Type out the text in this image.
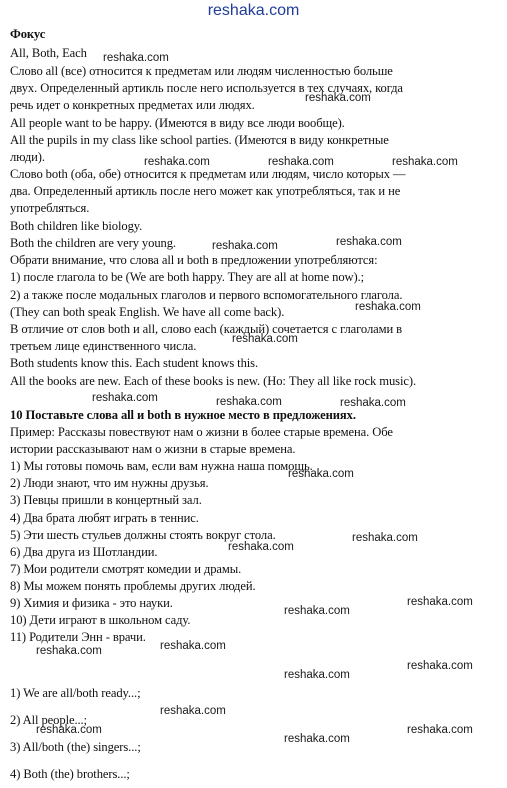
reshaka.com
Фокус
All, Both, Each
Слово all (все) относится к предметам или людям численностью больше
двух. Определенный артикль после него используется в тех случаях, когда
речь идет о конкретных предметах или людях.
All people want to be happy. (Имеются в виду все люди вообще).
All the pupils in my class like school parties. (Имеются в виду конкретные
люди).
Слово both (оба, обе) относится к предметам или людям, число которых —
два. Определенный артикль после него может как употребляться, так и не
употребляться.
Both children like biology.
Both the children are very young.
Обрати внимание, что слова all и both в предложении употребляются:
1) после глагола to be (We are both happy. They are all at home now).;
2) а также после модальных глаголов и первого вспомогательного глагола.
(They can both speak English. We have all come back).
В отличие от слов both и all, слово each (каждый) сочетается с глаголами в
третьем лице единственного числа.
Both students know this. Each student knows this.
All the books are new. Each of these books is new. (Но: They all like rock music).
10 Поставьте слова all и both в нужное место в предложениях.
Пример: Рассказы повествуют нам о жизни в более старые времена. Обе
истории рассказывают нам о жизни в старые времена.
1) Мы готовы помочь вам, если вам нужна наша помощь.
2) Люди знают, что им нужны друзья.
3) Певцы пришли в концертный зал.
4) Два брата любят играть в теннис.
5) Эти шесть стульев должны стоять вокруг стола.
6) Два друга из Шотландии.
7) Мои родители смотрят комедии и драмы.
8) Мы можем понять проблемы других людей.
9) Химия и физика - это науки.
10) Дети играют в школьном саду.
11) Родители Энн - врачи.
1) We are all/both ready...;
2) All people...;
3) All/both (the) singers...;
4) Both (the) brothers...;
reshaka.com
reshaka.com
reshaka.com	reshaka.com	reshaka.com
reshaka.com	reshaka.com
reshaka.com
reshaka.com
reshaka.com	reshaka.com	reshaka.com
reshaka.com
reshaka.com
reshaka.com
reshaka.com
reshaka.com
reshaka.com
reshaka.com
reshaka.com
reshaka.com
reshaka.com
reshaka.com	reshaka.com
reshaka.com
